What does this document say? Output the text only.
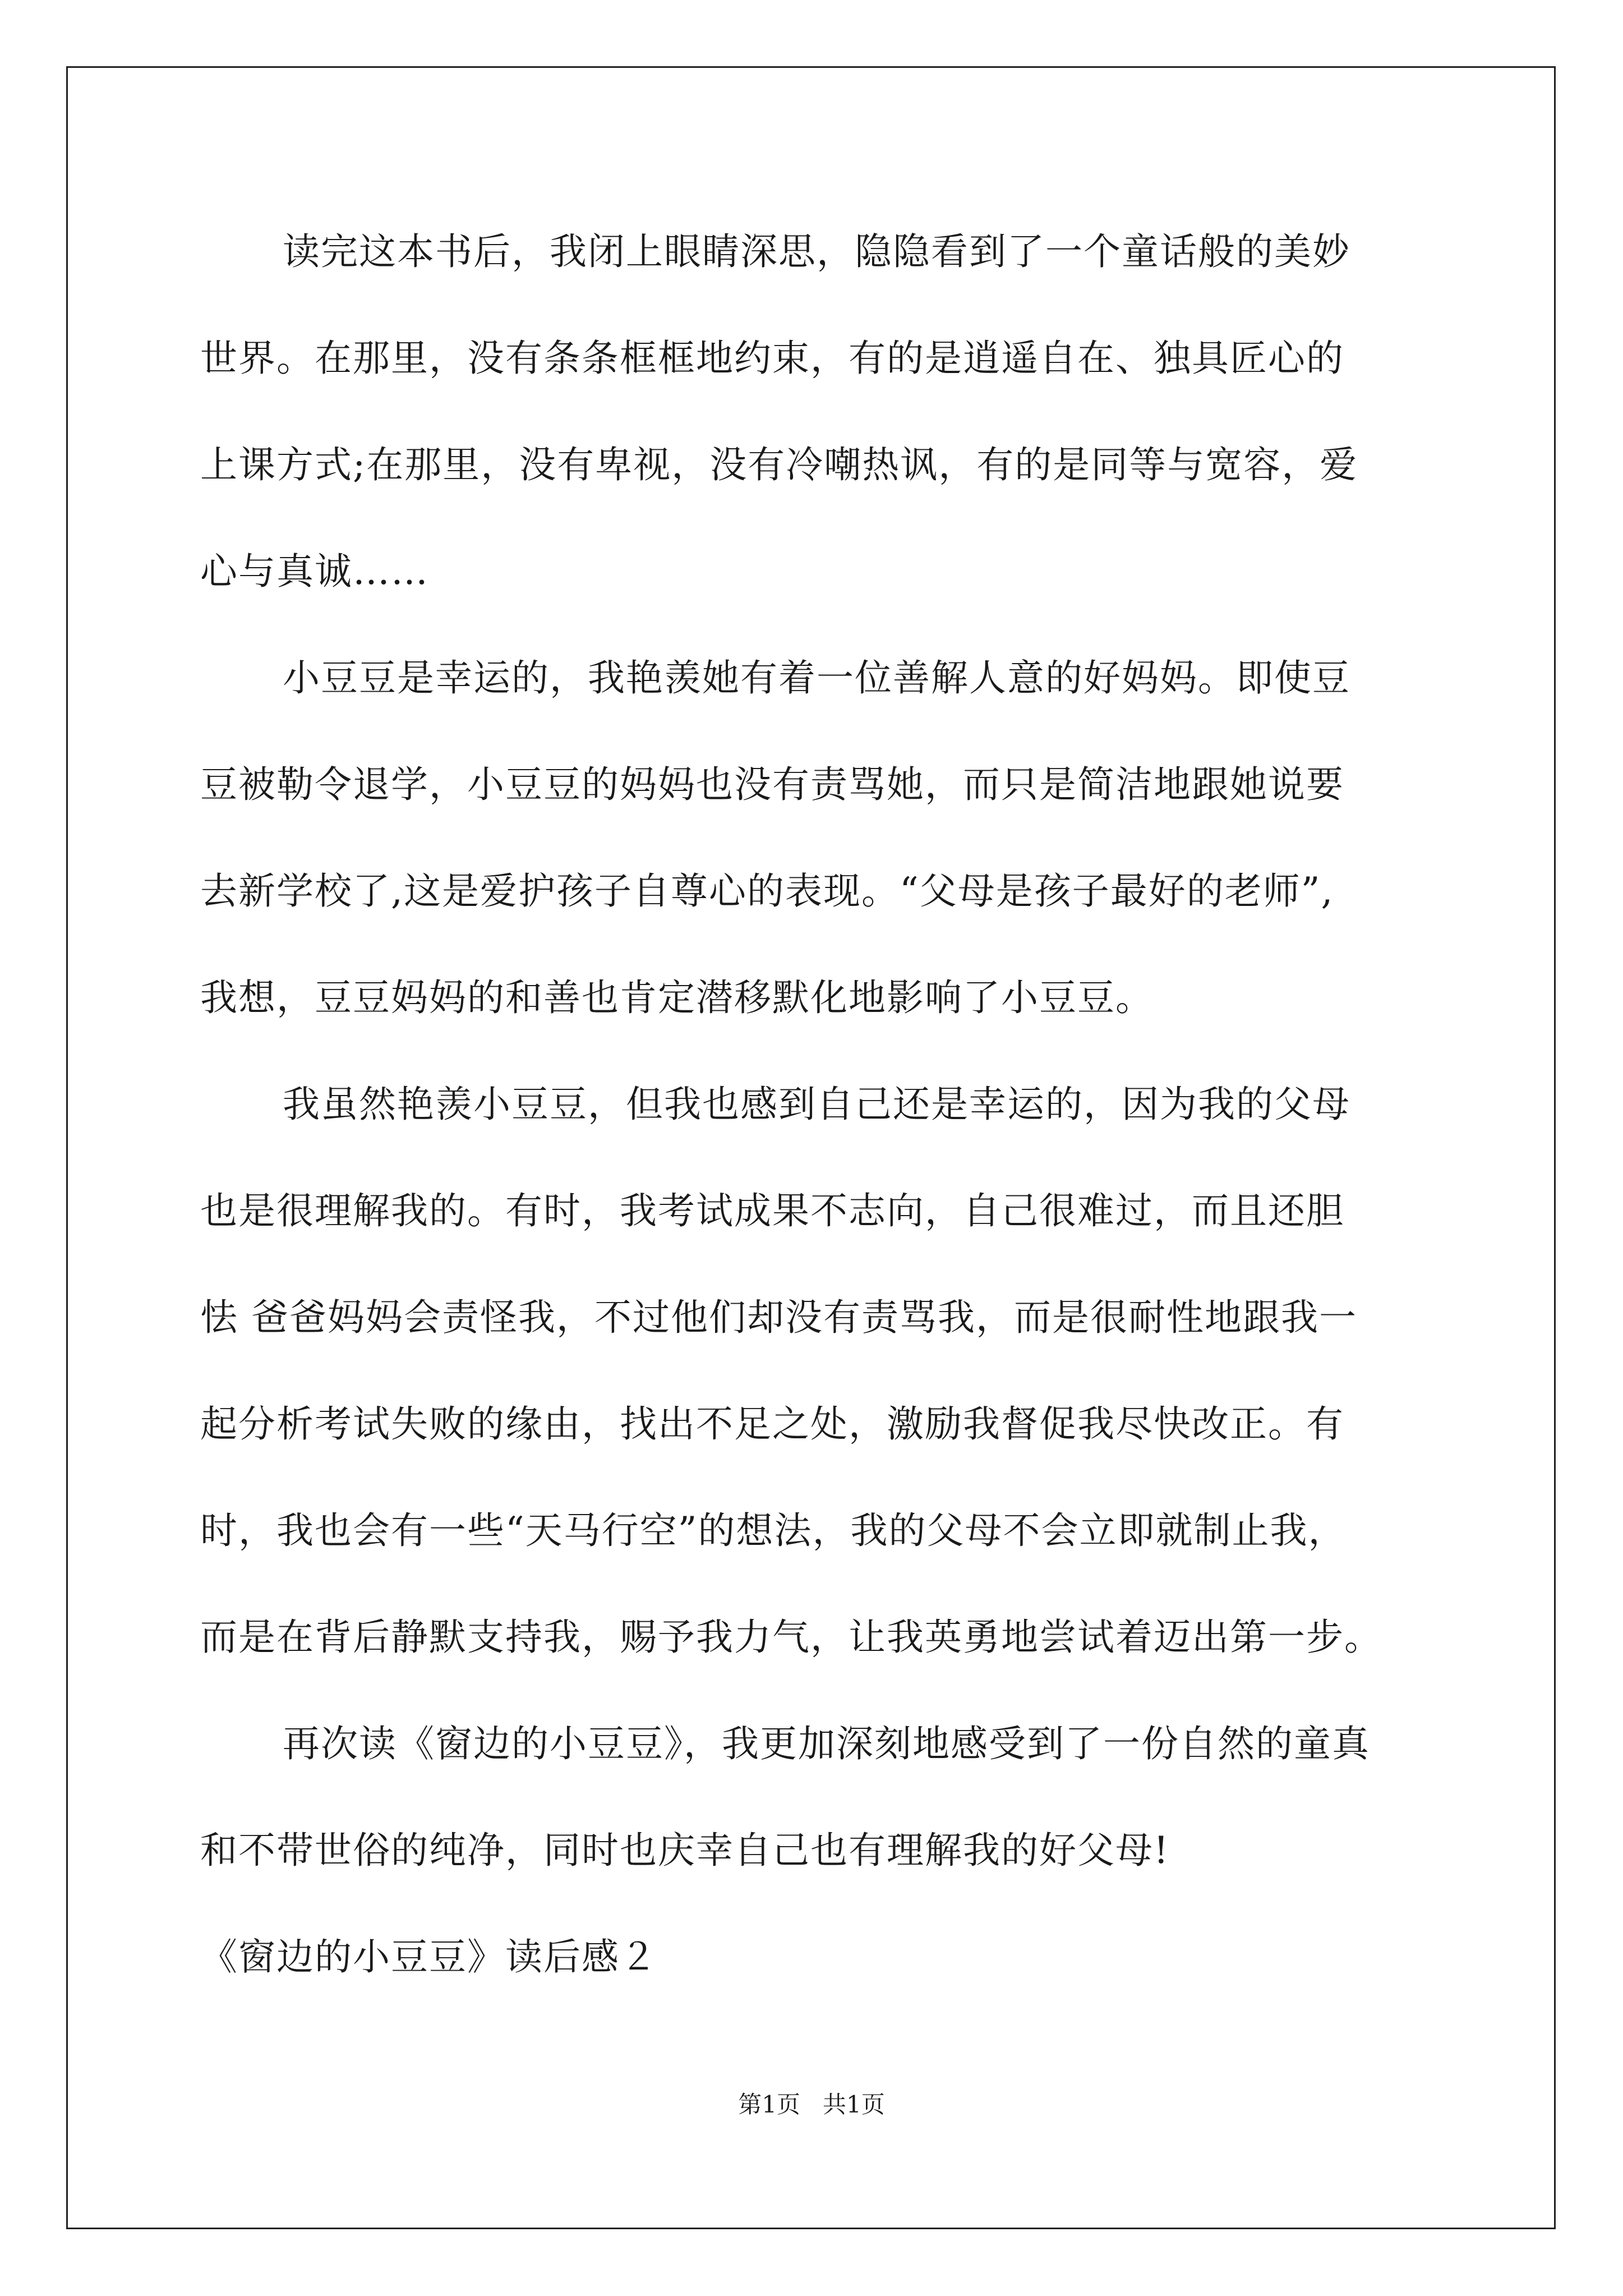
读完这本书后，我闭上眼睛深思，隐隐看到了一个童话般的美妙
世界。在那里，没有条条框框地约束，有的是逍遥自在、独具匠心的
上课方式;在那里，没有卑视，没有冷嘲热讽，有的是同等与宽容，爱
心与真诚……
小豆豆是幸运的，我艳羡她有着一位善解人意的好妈妈。即使豆
豆被勒令退学，小豆豆的妈妈也没有责骂她，而只是简洁地跟她说要
去新学校了,这是爱护孩子自尊心的表现。“父母是孩子最好的老师”,
我想，豆豆妈妈的和善也肯定潜移默化地影响了小豆豆。
我虽然艳羡小豆豆，但我也感到自己还是幸运的，因为我的父母
也是很理解我的。有时，我考试成果不志向，自己很难过，而且还胆
怯 爸爸妈妈会责怪我，不过他们却没有责骂我，而是很耐性地跟我一
起分析考试失败的缘由，找出不足之处，激励我督促我尽快改正。有
时，我也会有一些“天马行空”的想法，我的父母不会立即就制止我，
而是在背后静默支持我，赐予我力气，让我英勇地尝试着迈出第一步。
再次读《窗边的小豆豆》，我更加深刻地感受到了一份自然的童真
和不带世俗的纯净，同时也庆幸自己也有理解我的好父母!
《窗边的小豆豆》读后感２
第1页   共1页
